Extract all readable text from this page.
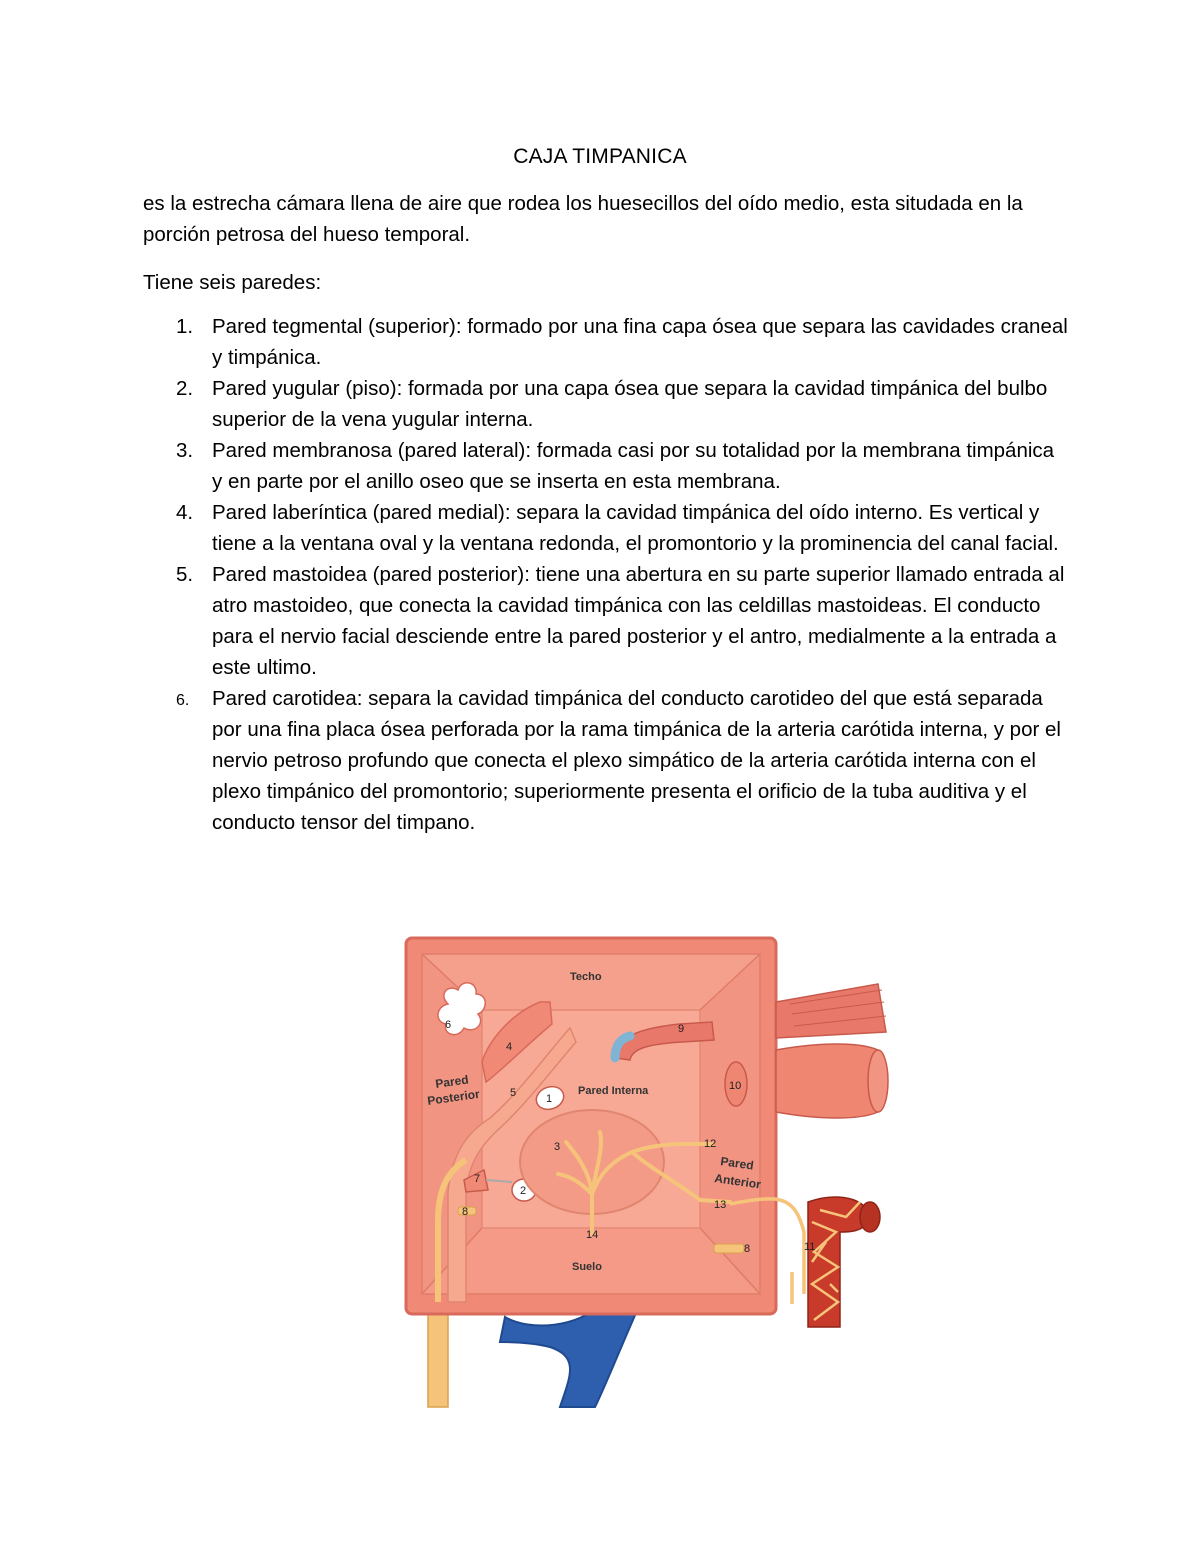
CAJA TIMPANICA

es la estrecha cámara llena de aire que rodea los huesecillos del oído medio, esta situdada en la porción petrosa del hueso temporal.

Tiene seis paredes:

1. Pared tegmental (superior): formado por una fina capa ósea que separa las cavidades craneal y timpánica.
2. Pared yugular (piso): formada por una capa ósea que separa la cavidad timpánica del bulbo superior de la vena yugular interna.
3. Pared membranosa (pared lateral): formada casi por su totalidad por la membrana timpánica y en parte por el anillo oseo que se inserta en esta membrana.
4. Pared laberíntica (pared medial): separa la cavidad timpánica del oído interno. Es vertical y tiene a la ventana oval y la ventana redonda, el promontorio y la prominencia del canal facial.
5. Pared mastoidea (pared posterior): tiene una abertura en su parte superior llamado entrada al atro mastoideo, que conecta la cavidad timpánica con las celdillas mastoideas. El conducto para el nervio facial desciende entre la pared posterior y el antro, medialmente a la entrada a este ultimo.
6. Pared carotidea: separa la cavidad timpánica del conducto carotideo del que está separada por una fina placa ósea perforada por la rama timpánica de la arteria carótida interna, y por el nervio petroso profundo que conecta el plexo simpático de la arteria carótida interna con el plexo timpánico del promontorio; superiormente presenta el orificio de la tuba auditiva y el conducto tensor del timpano.
Techo
Suelo
Pared
Posterior	Pared Interna
Pared
Anterior
1
2
3
4
5
6
7
8
8
9
10
11
12
13
14
